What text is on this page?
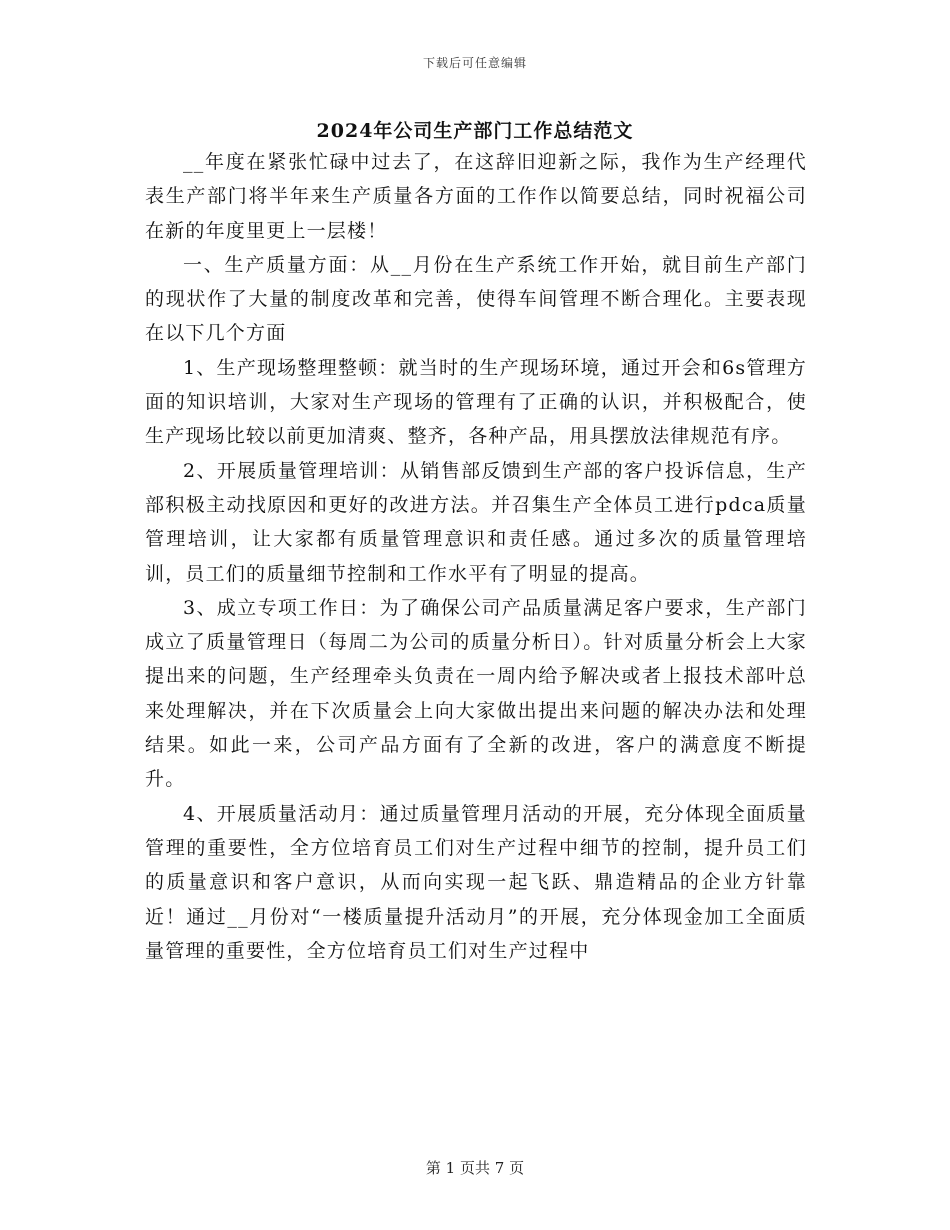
下载后可任意编辑
2024年公司生产部门工作总结范文

__年度在紧张忙碌中过去了，在这辞旧迎新之际，我作为生产经理代表生产部门将半年来生产质量各方面的工作作以简要总结，同时祝福公司在新的年度里更上一层楼！

一、生产质量方面：从__月份在生产系统工作开始，就目前生产部门的现状作了大量的制度改革和完善，使得车间管理不断合理化。主要表现在以下几个方面

1、生产现场整理整顿：就当时的生产现场环境，通过开会和6s管理方面的知识培训，大家对生产现场的管理有了正确的认识，并积极配合，使生产现场比较以前更加清爽、整齐，各种产品，用具摆放法律规范有序。

2、开展质量管理培训：从销售部反馈到生产部的客户投诉信息，生产部积极主动找原因和更好的改进方法。并召集生产全体员工进行pdca质量管理培训，让大家都有质量管理意识和责任感。通过多次的质量管理培训，员工们的质量细节控制和工作水平有了明显的提高。

3、成立专项工作日：为了确保公司产品质量满足客户要求，生产部门成立了质量管理日（每周二为公司的质量分析日）。针对质量分析会上大家提出来的问题，生产经理牵头负责在一周内给予解决或者上报技术部叶总来处理解决，并在下次质量会上向大家做出提出来问题的解决办法和处理结果。如此一来，公司产品方面有了全新的改进，客户的满意度不断提升。

4、开展质量活动月：通过质量管理月活动的开展，充分体现全面质量管理的重要性，全方位培育员工们对生产过程中细节的控制，提升员工们的质量意识和客户意识，从而向实现一起飞跃、鼎造精品的企业方针靠近！通过__月份对“一楼质量提升活动月”的开展，充分体现金加工全面质量管理的重要性，全方位培育员工们对生产过程中

第 1 页共 7 页
